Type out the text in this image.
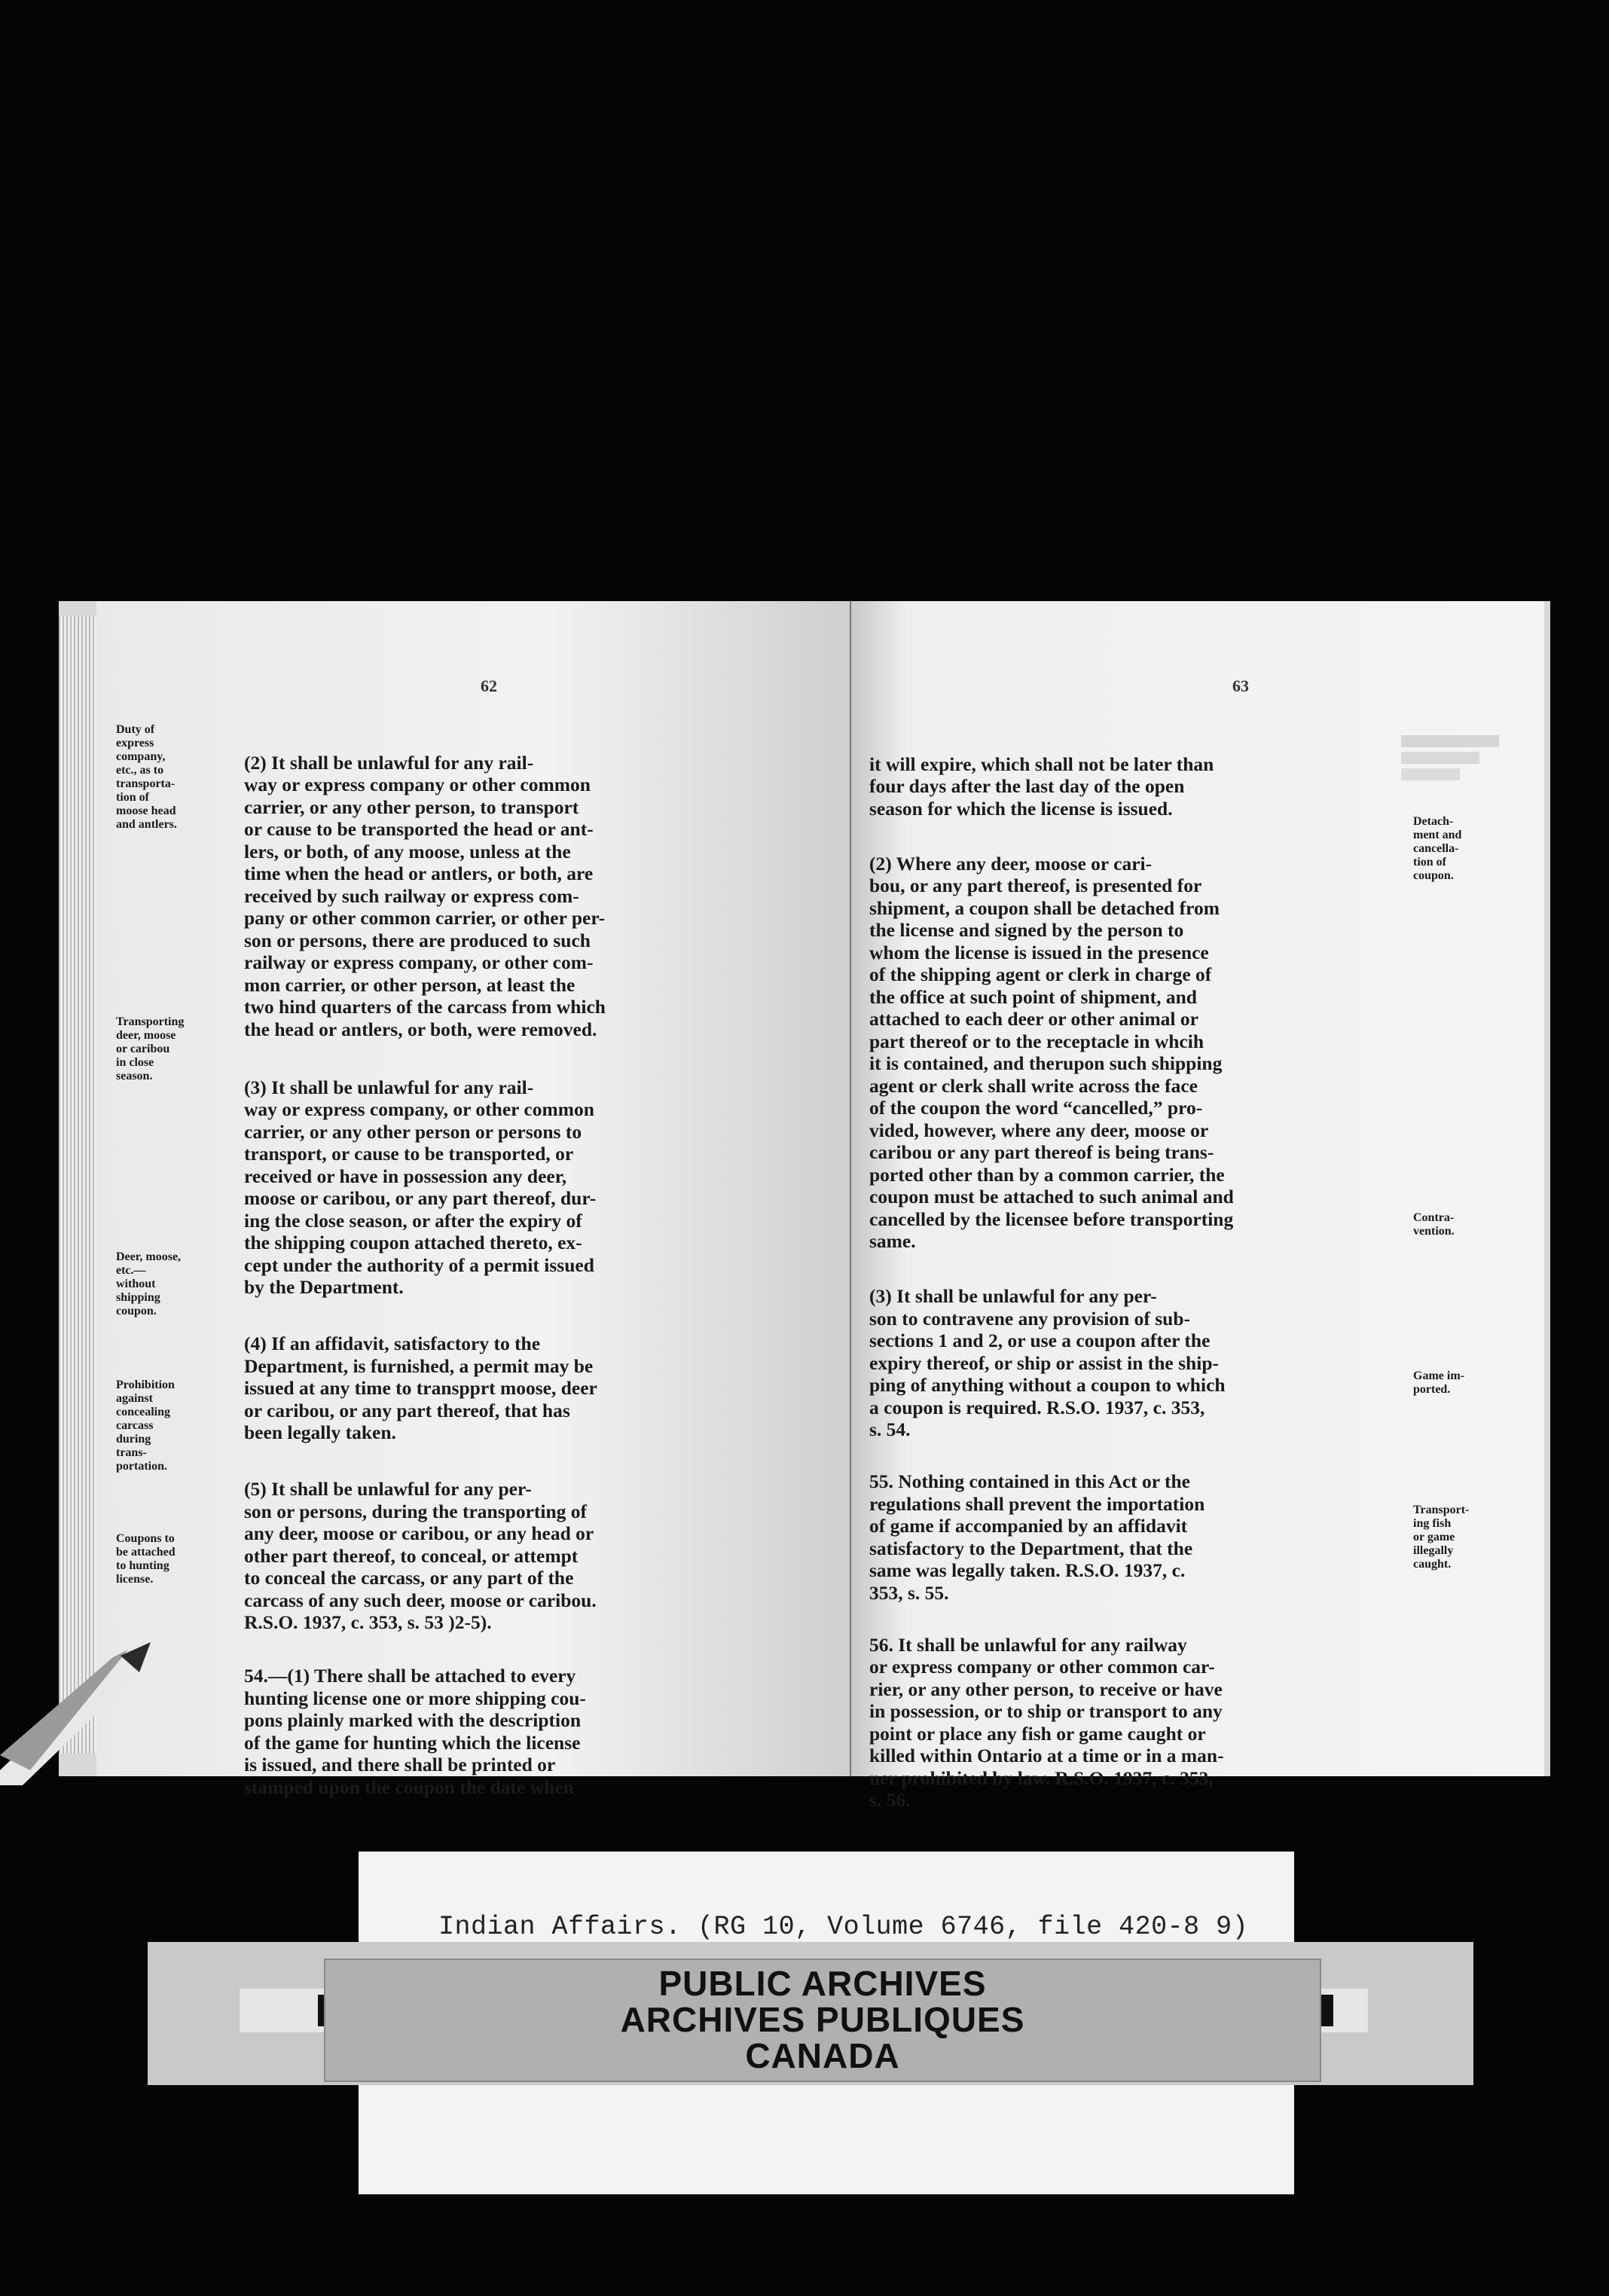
62
Duty of
express
company,
etc., as to
transporta-
tion of
moose head
and antlers.
Transporting
deer, moose
or caribou
in close
season.
Deer, moose,
etc.—
without
shipping
coupon.
Prohibition
against
concealing
carcass
during
trans-
portation.
Coupons to
be attached
to hunting
license.

(2) It shall be unlawful for any rail-
way or express company or other common
carrier, or any other person, to transport
or cause to be transported the head or ant-
lers, or both, of any moose, unless at the
time when the head or antlers, or both, are
received by such railway or express com-
pany or other common carrier, or other per-
son or persons, there are produced to such
railway or express company, or other com-
mon carrier, or other person, at least the
two hind quarters of the carcass from which
the head or antlers, or both, were removed.

(3) It shall be unlawful for any rail-
way or express company, or other common
carrier, or any other person or persons to
transport, or cause to be transported, or
received or have in possession any deer,
moose or caribou, or any part thereof, dur-
ing the close season, or after the expiry of
the shipping coupon attached thereto, ex-
cept under the authority of a permit issued
by the Department.

(4) If an affidavit, satisfactory to the
Department, is furnished, a permit may be
issued at any time to transpprt moose, deer
or caribou, or any part thereof, that has
been legally taken.

(5) It shall be unlawful for any per-
son or persons, during the transporting of
any deer, moose or caribou, or any head or
other part thereof, to conceal, or attempt
to conceal the carcass, or any part of the
carcass of any such deer, moose or caribou.
R.S.O. 1937, c. 353, s. 53 )2-5).

54.—(1) There shall be attached to every
hunting license one or more shipping cou-
pons plainly marked with the description
of the game for hunting which the license
is issued, and there shall be printed or
stamped upon the coupon the date when

63

it will expire, which shall not be later than
four days after the last day of the open
season for which the license is issued.

(2) Where any deer, moose or cari-
bou, or any part thereof, is presented for
shipment, a coupon shall be detached from
the license and signed by the person to
whom the license is issued in the presence
of the shipping agent or clerk in charge of
the office at such point of shipment, and
attached to each deer or other animal or
part thereof or to the receptacle in whcih
it is contained, and therupon such shipping
agent or clerk shall write across the face
of the coupon the word “cancelled,” pro-
vided, however, where any deer, moose or
caribou or any part thereof is being trans-
ported other than by a common carrier, the
coupon must be attached to such animal and
cancelled by the licensee before transporting
same.

(3) It shall be unlawful for any per-
son to contravene any provision of sub-
sections 1 and 2, or use a coupon after the
expiry thereof, or ship or assist in the ship-
ping of anything without a coupon to which
a coupon is required. R.S.O. 1937, c. 353,
s. 54.

55. Nothing contained in this Act or the
regulations shall prevent the importation
of game if accompanied by an affidavit
satisfactory to the Department, that the
same was legally taken. R.S.O. 1937, c.
353, s. 55.

56. It shall be unlawful for any railway
or express company or other common car-
rier, or any other person, to receive or have
in possession, or to ship or transport to any
point or place any fish or game caught or
killed within Ontario at a time or in a man-
ner prohibited by law. R.S.O. 1937, c. 353,
s. 56.

Detach-
ment and
cancella-
tion of
coupon.
Contra-
vention.
Game im-
ported.
Transport-
ing fish
or game
illegally
caught.
Indian Affairs. (RG 10, Volume 6746, file 420-8 9)
PUBLIC ARCHIVES
ARCHIVES PUBLIQUES
CANADA
